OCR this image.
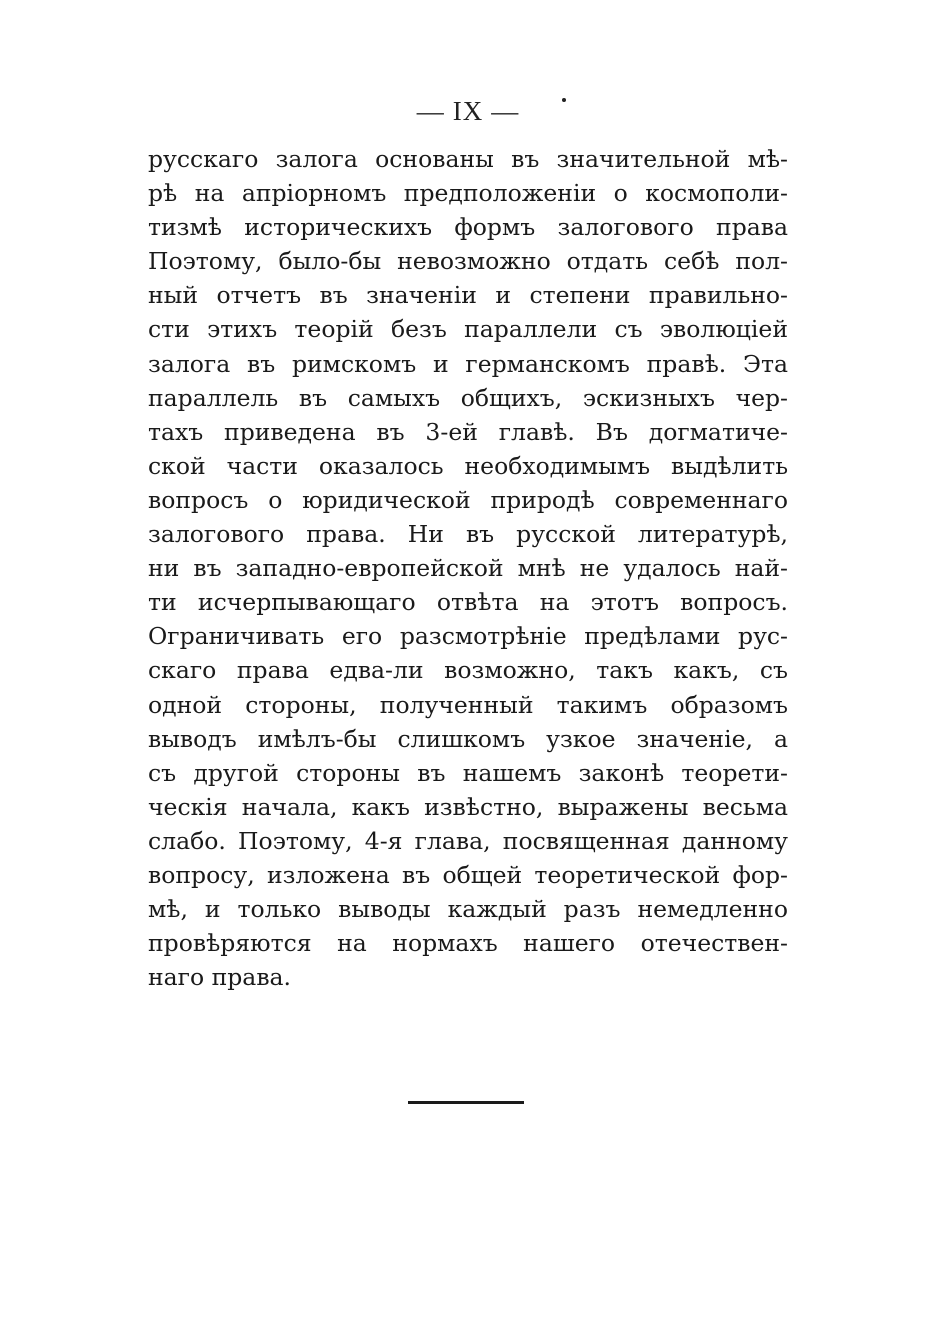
— IX —
русскаго залога основаны въ значительной мѣ-
рѣ на апріорномъ предположеніи о космополи-
тизмѣ историческихъ формъ залогового права
Поэтому, было-бы невозможно отдать себѣ пол-
ный отчетъ въ значеніи и степени правильно-
сти этихъ теорій безъ параллели съ эволюціей
залога въ римскомъ и германскомъ правѣ. Эта
параллель въ самыхъ общихъ, эскизныхъ чер-
тахъ приведена въ 3-ей главѣ. Въ догматиче-
ской части оказалось необходимымъ выдѣлить
вопросъ о юридической природѣ современнаго
залогового права. Ни въ русской литературѣ,
ни въ западно-европейской мнѣ не удалось най-
ти исчерпывающаго отвѣта на этотъ вопросъ.
Ограничивать его разсмотрѣніе предѣлами рус-
скаго права едва-ли возможно, такъ какъ, съ
одной стороны, полученный такимъ образомъ
выводъ имѣлъ-бы слишкомъ узкое значеніе, а
съ другой стороны въ нашемъ законѣ теорети-
ческія начала, какъ извѣстно, выражены весьма
слабо. Поэтому, 4-я глава, посвященная данному
вопросу, изложена въ общей теоретической фор-
мѣ, и только выводы каждый разъ немедленно
провѣряются на нормахъ нашего отечествен-
наго права.
